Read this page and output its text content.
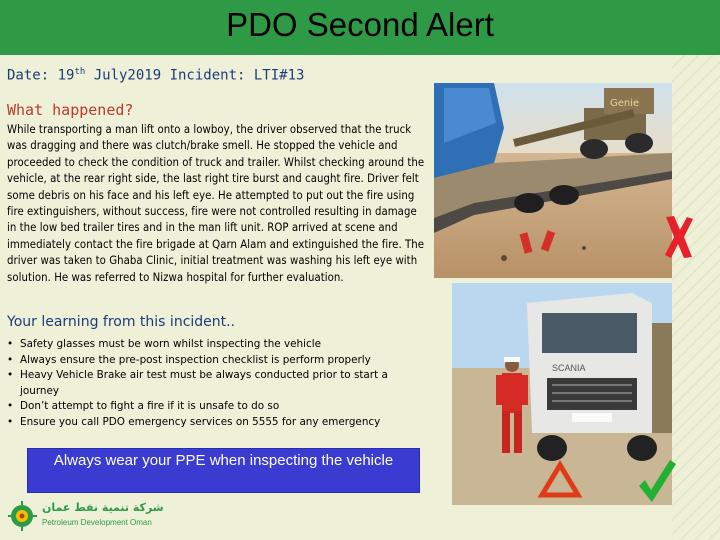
PDO Second Alert
Date: 19th July2019 Incident: LTI#13
What happened?
While transporting a man lift onto a lowboy, the driver observed that the truck was dragging and there was clutch/brake smell. He stopped the vehicle and proceeded to check the condition of truck and trailer. Whilst checking around the vehicle, at the rear right side, the last right tire burst and caught fire. Driver felt some debris on his face and his left eye. He attempted to put out the fire using fire extinguishers, without success, fire were not controlled resulting in damage in the low bed trailer tires and in the man lift unit. ROP arrived at scene and immediately contact the fire brigade at Qarn Alam and extinguished the fire. The driver was taken to Ghaba Clinic, initial treatment was washing his left eye with solution. He was referred to Nizwa hospital for further evaluation.
Your learning from this incident..
• Safety glasses must be worn whilst inspecting the vehicle
• Always ensure the pre-post inspection checklist is perform properly
• Heavy Vehicle Brake air test must be always conducted prior to start a journey
• Don’t attempt to fight a fire if it is unsafe to do so
• Ensure you call PDO emergency services on 5555 for any emergency
Always wear your PPE when inspecting the vehicle
شركة تنمية نفط عمان
Petroleum Development Oman
Genie
SCANIA
